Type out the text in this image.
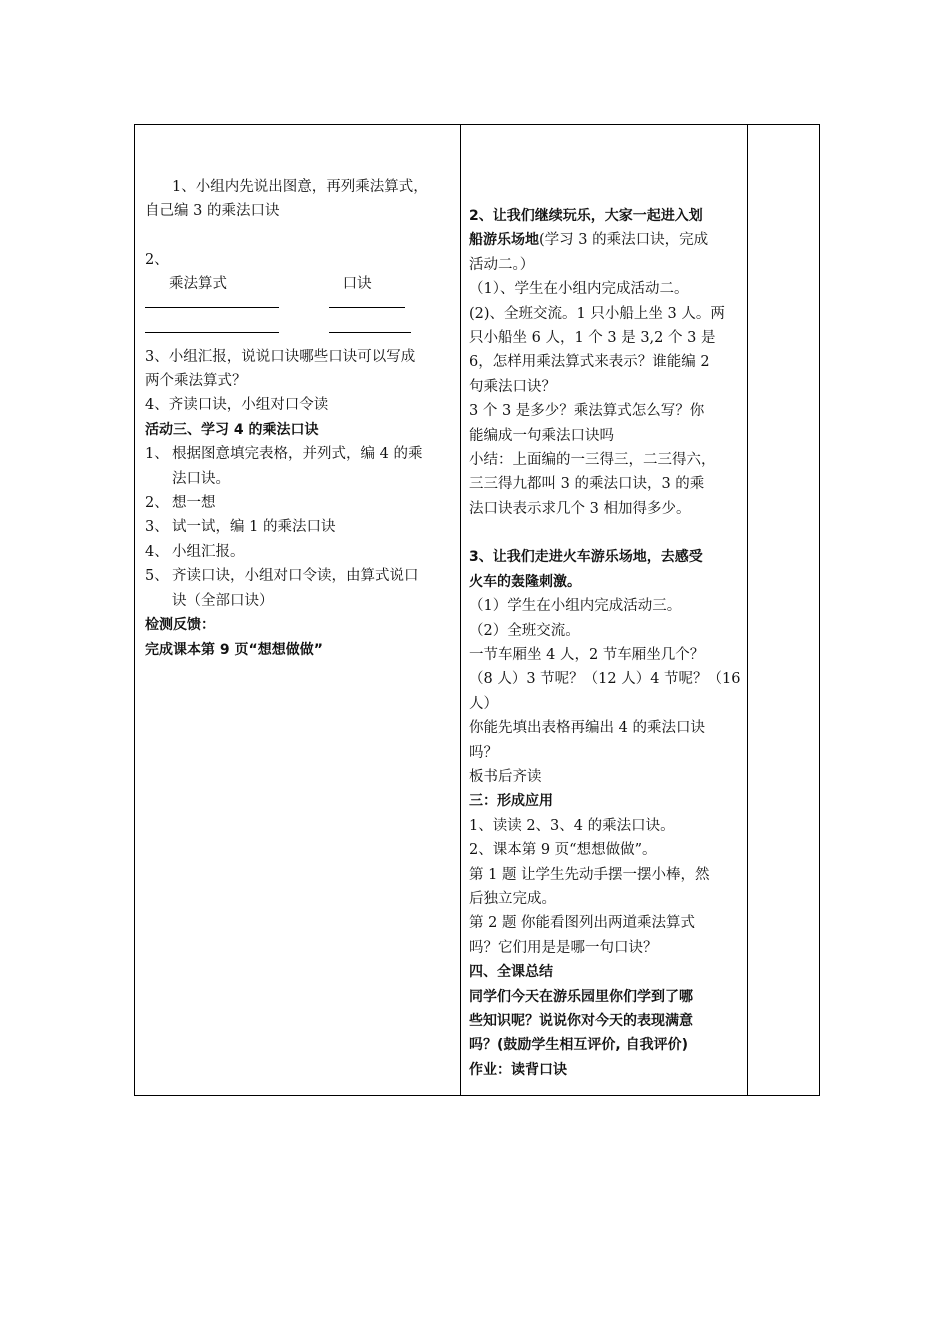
1、小组内先说出图意，再列乘法算式，

自己编 3 的乘法口诀

2、

乘法算式	口诀

3、小组汇报，说说口诀哪些口诀可以写成

两个乘法算式？

4、齐读口诀，小组对口令读

活动三、学习 4 的乘法口诀

1、 根据图意填完表格，并列式，编 4 的乘

法口诀。

2、 想一想

3、 试一试，编 1 的乘法口诀

4、 小组汇报。

5、 齐读口诀，小组对口令读，由算式说口

诀（全部口诀）

检测反馈：

完成课本第 9 页“想想做做”

2、让我们继续玩乐，大家一起进入划

船游乐场地(学习 3 的乘法口诀，完成

活动二。）

（1）、学生在小组内完成活动二。

(2)、全班交流。1 只小船上坐 3 人。两

只小船坐 6 人，1 个 3 是 3,2 个 3 是

6，怎样用乘法算式来表示？谁能编 2

句乘法口诀？

3 个 3 是多少？乘法算式怎么写？你

能编成一句乘法口诀吗

小结：上面编的一三得三，二三得六，

三三得九都叫 3 的乘法口诀，3 的乘

法口诀表示求几个 3 相加得多少。

3、让我们走进火车游乐场地，去感受

火车的轰隆刺激。

（1）学生在小组内完成活动三。

（2）全班交流。

一节车厢坐 4 人，2 节车厢坐几个？

（8 人）3 节呢？（12 人）4 节呢？（16

人）

你能先填出表格再编出 4 的乘法口诀

吗？

板书后齐读

三：形成应用

1、读读 2、3、4 的乘法口诀。

2、课本第 9 页“想想做做”。

第 1 题 让学生先动手摆一摆小棒，然

后独立完成。

第 2 题 你能看图列出两道乘法算式

吗？它们用是是哪一句口诀？

四、全课总结

同学们今天在游乐园里你们学到了哪

些知识呢？说说你对今天的表现满意

吗？(鼓励学生相互评价, 自我评价)

作业：读背口诀
